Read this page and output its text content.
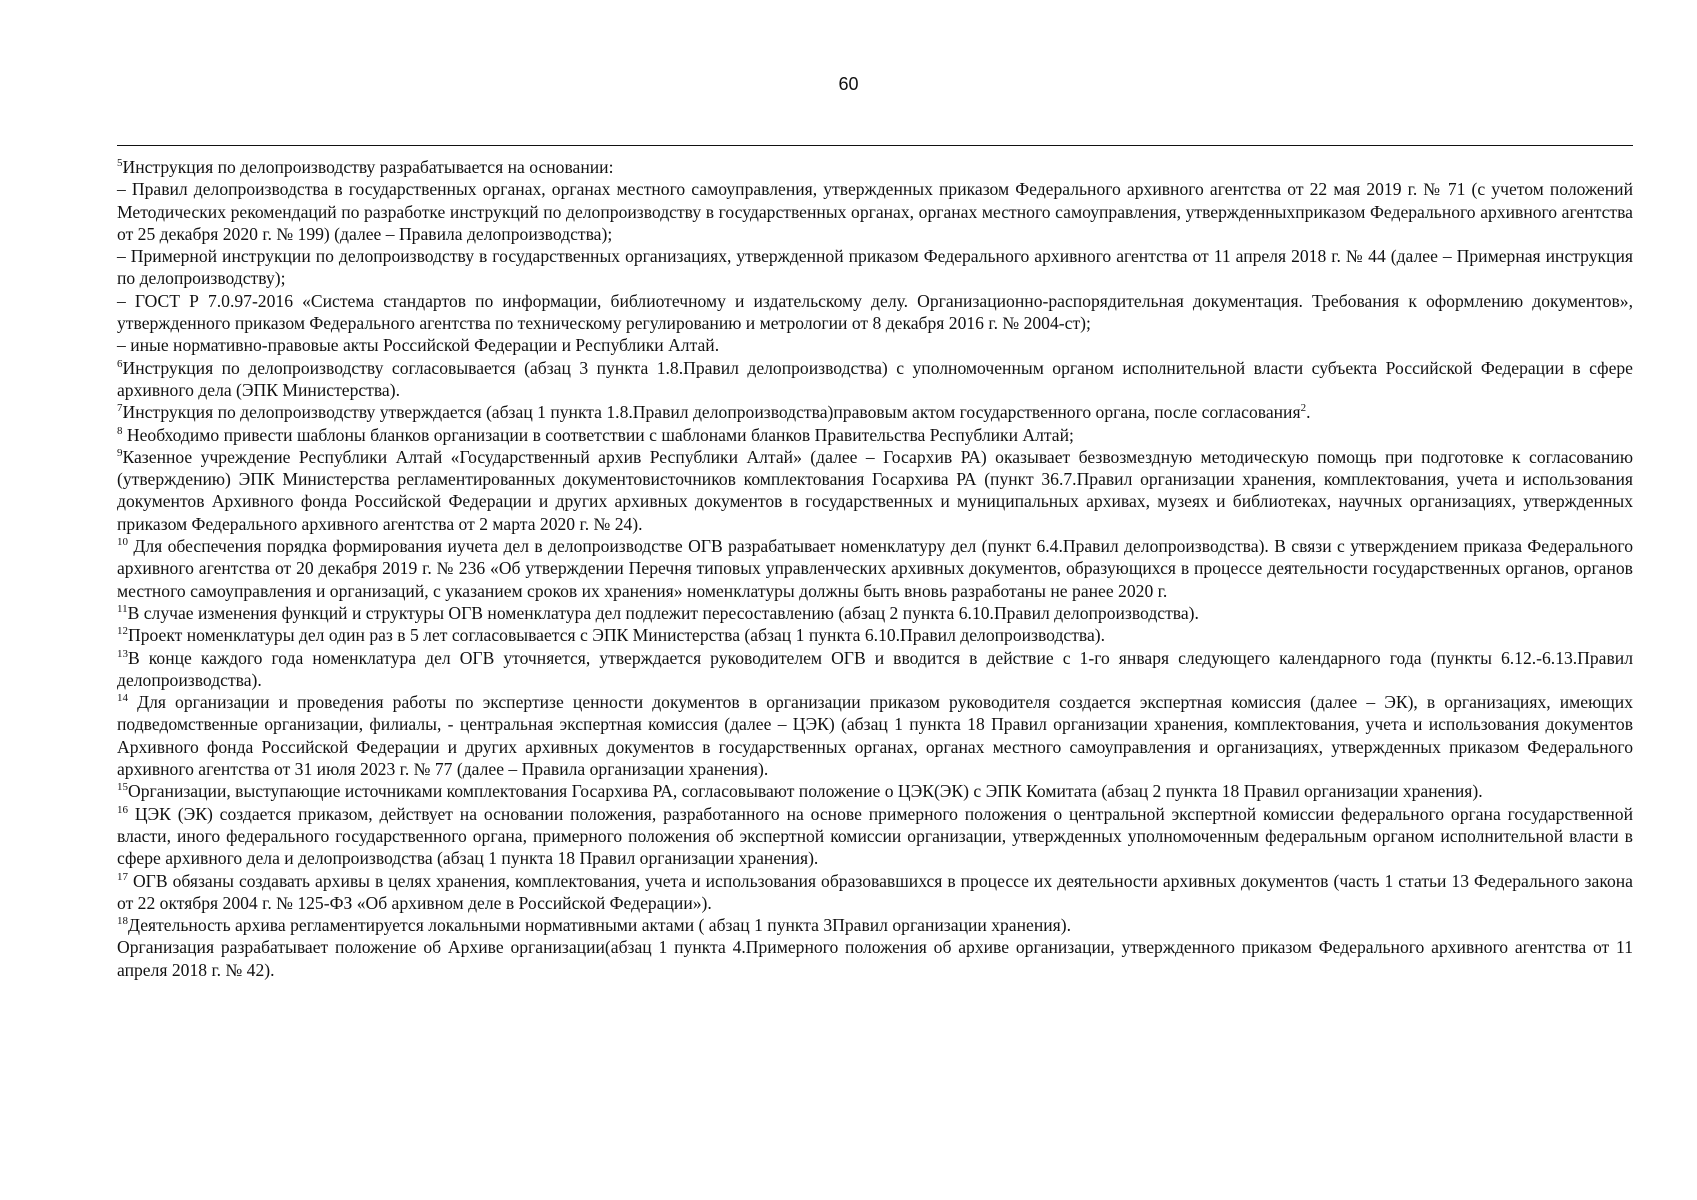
60

$^5$Инструкция по делопроизводству разрабатывается на основании:

– Правил делопроизводства в государственных органах, органах местного самоуправления, утвержденных приказом Федерального архивного агентства от 22 мая 2019 г. № 71 (с учетом положений Методических рекомендаций по разработке инструкций по делопроизводству в государственных органах, органах местного самоуправления, утвержденныхприказом Федерального архивного агентства от 25 декабря 2020 г. № 199) (далее – Правила делопроизводства);

– Примерной инструкции по делопроизводству в государственных организациях, утвержденной приказом Федерального архивного агентства от 11 апреля 2018 г. № 44 (далее – Примерная инструкция по делопроизводству);

– ГОСТ Р 7.0.97-2016 «Система стандартов по информации, библиотечному и издательскому делу. Организационно-распорядительная документация. Требования к оформлению документов», утвержденного приказом Федерального агентства по техническому регулированию и метрологии от 8 декабря 2016 г. № 2004-ст);

– иные нормативно-правовые акты Российской Федерации и Республики Алтай.

$^6$Инструкция по делопроизводству согласовывается (абзац 3 пункта 1.8.Правил делопроизводства) с уполномоченным органом исполнительной власти субъекта Российской Федерации в сфере архивного дела (ЭПК Министерства).

$^7$Инструкция по делопроизводству утверждается (абзац 1 пункта 1.8.Правил делопроизводства)правовым актом государственного органа, после согласования$^2$.

$^8$ Необходимо привести шаблоны бланков организации в соответствии с шаблонами бланков Правительства Республики Алтай;

$^9$Казенное учреждение Республики Алтай «Государственный архив Республики Алтай» (далее – Госархив РА) оказывает безвозмездную методическую помощь при подготовке к согласованию (утверждению) ЭПК Министерства регламентированных документовисточников комплектования Госархива РА (пункт 36.7.Правил организации хранения, комплектования, учета и использования документов Архивного фонда Российской Федерации и других архивных документов в государственных и муниципальных архивах, музеях и библиотеках, научных организациях, утвержденных приказом Федерального архивного агентства от 2 марта 2020 г. № 24).

$^{10}$ Для обеспечения порядка формирования иучета дел в делопроизводстве ОГВ разрабатывает номенклатуру дел (пункт 6.4.Правил делопроизводства). В связи с утверждением приказа Федерального архивного агентства от 20 декабря 2019 г. № 236 «Об утверждении Перечня типовых управленческих архивных документов, образующихся в процессе деятельности государственных органов, органов местного самоуправления и организаций, с указанием сроков их хранения» номенклатуры должны быть вновь разработаны не ранее 2020 г.

$^{11}$В случае изменения функций и структуры ОГВ номенклатура дел подлежит пересоставлению (абзац 2 пункта 6.10.Правил делопроизводства).

$^{12}$Проект номенклатуры дел один раз в 5 лет согласовывается с ЭПК Министерства (абзац 1 пункта 6.10.Правил делопроизводства).

$^{13}$В конце каждого года номенклатура дел ОГВ уточняется, утверждается руководителем ОГВ и вводится в действие с 1-го января следующего календарного года (пункты 6.12.-6.13.Правил делопроизводства).

$^{14}$ Для организации и проведения работы по экспертизе ценности документов в организации приказом руководителя создается экспертная комиссия (далее – ЭК), в организациях, имеющих подведомственные организации, филиалы, - центральная экспертная комиссия (далее – ЦЭК) (абзац 1 пункта 18 Правил организации хранения, комплектования, учета и использования документов Архивного фонда Российской Федерации и других архивных документов в государственных органах, органах местного самоуправления и организациях, утвержденных приказом Федерального архивного агентства от 31 июля 2023 г. № 77 (далее – Правила организации хранения).

$^{15}$Организации, выступающие источниками комплектования Госархива РА, согласовывают положение о ЦЭК(ЭК) с ЭПК Комитата (абзац 2 пункта 18 Правил организации хранения).

$^{16}$ ЦЭК (ЭК) создается приказом, действует на основании положения, разработанного на основе примерного положения о центральной экспертной комиссии федерального органа государственной власти, иного федерального государственного органа, примерного положения об экспертной комиссии организации, утвержденных уполномоченным федеральным органом исполнительной власти в сфере архивного дела и делопроизводства (абзац 1 пункта 18 Правил организации хранения).

$^{17}$ ОГВ обязаны создавать архивы в целях хранения, комплектования, учета и использования образовавшихся в процессе их деятельности архивных документов (часть 1 статьи 13 Федерального закона от 22 октября 2004 г. № 125-ФЗ «Об архивном деле в Российской Федерации»).

$^{18}$Деятельность архива регламентируется локальными нормативными актами ( абзац 1 пункта 3Правил организации хранения).

Организация разрабатывает положение об Архиве организации(абзац 1 пункта 4.Примерного положения об архиве организации, утвержденного приказом Федерального архивного агентства от 11 апреля 2018 г. № 42).
